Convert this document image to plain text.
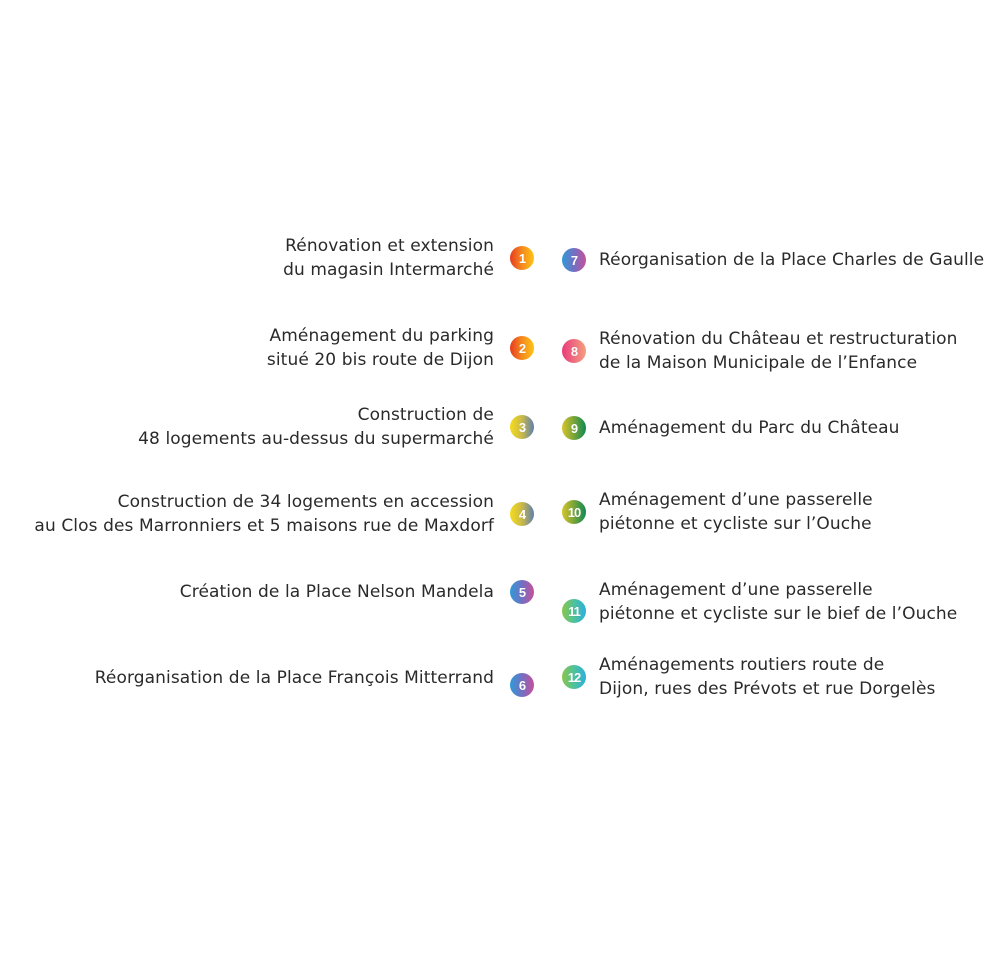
1
Rénovation et extension
du magasin Intermarché
2
Aménagement du parking
situé 20 bis route de Dijon
3
Construction de
48 logements au-dessus du supermarché
4
Construction de 34 logements en accession
au Clos des Marronniers et 5 maisons rue de Maxdorf
5
Création de la Place Nelson Mandela
6
Réorganisation de la Place François Mitterrand
7	Réorganisation de la Place Charles de Gaulle
8
Rénovation du Château et restructuration
de la Maison Municipale de l’Enfance
9	Aménagement du Parc du Château
10
Aménagement d’une passerelle
piétonne et cycliste sur l’Ouche
11
Aménagement d’une passerelle
piétonne et cycliste sur le bief de l’Ouche
12
Aménagements routiers route de
Dijon, rues des Prévots et rue Dorgelès
